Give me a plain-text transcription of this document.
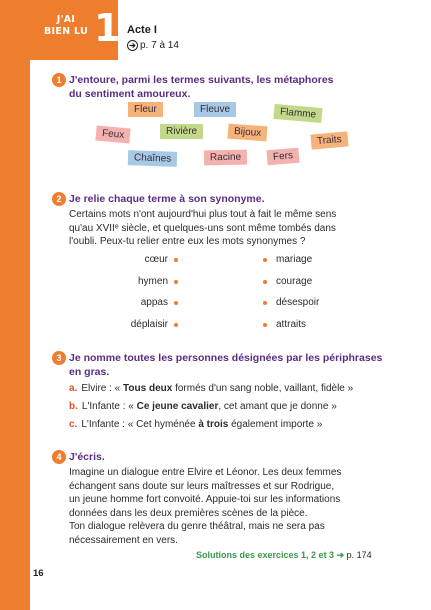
J'AI
BIEN LU 1 Acte I
➔ p. 7 à 14
1 J'entoure, parmi les termes suivants, les métaphores
du sentiment amoureux.
Fleur	Fleuve	Flamme
Feux	Rivière	Bijoux
Traits
Chaînes	Racine	Fers
2 Je relie chaque terme à son synonyme.
Certains mots n'ont aujourd'hui plus tout à fait le même sens
qu'au XVIIᵉ siècle, et quelques-uns sont même tombés dans
l'oubli. Peux-tu relier entre eux les mots synonymes ?
cœur
hymen
appas
déplaisir
mariage
courage
désespoir
attraits
3 Je nomme toutes les personnes désignées par les périphrases
en gras.
a. Elvire : « Tous deux formés d'un sang noble, vaillant, fidèle »
b. L'Infante : « Ce jeune cavalier, cet amant que je donne »
c. L'Infante : « Cet hyménée à trois également importe »
4 J'écris.
Imagine un dialogue entre Elvire et Léonor. Les deux femmes
échangent sans doute sur leurs maîtresses et sur Rodrigue,
un jeune homme fort convoité. Appuie-toi sur les informations
données dans les deux premières scènes de la pièce.
Ton dialogue relèvera du genre théâtral, mais ne sera pas
nécessairement en vers.
Solutions des exercices 1, 2 et 3 ➔ p. 174
16
